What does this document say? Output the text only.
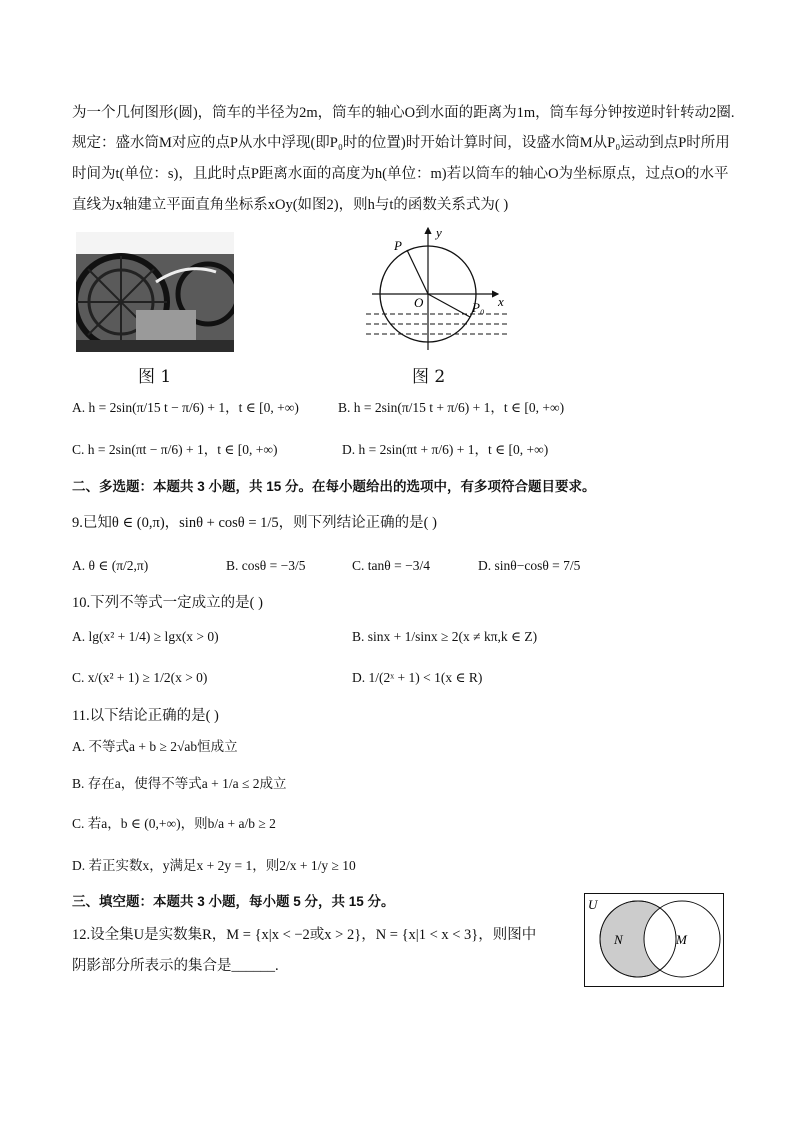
为一个几何图形(圆)，筒车的半径为2m，筒车的轴心O到水面的距离为1m，筒车每分钟按逆时针转动2圈.
规定：盛水筒M对应的点P从水中浮现(即P₀时的位置)时开始计算时间，设盛水筒M从P₀运动到点P时所用
时间为t(单位：s)，且此时点P距离水面的高度为h(单位：m)若以筒车的轴心O为坐标原点，过点O的水平
直线为x轴建立平面直角坐标系xOy(如图2)，则h与t的函数关系式为( )
图 1
P
O	P₀ x
y
图 2
A. h = 2sin(π/15 t − π/6) + 1，t ∈ [0, +∞)	B. h = 2sin(π/15 t + π/6) + 1，t ∈ [0, +∞)
C. h = 2sin(πt − π/6) + 1，t ∈ [0, +∞)	D. h = 2sin(πt + π/6) + 1，t ∈ [0, +∞)
二、多选题：本题共 3 小题，共 15 分。在每小题给出的选项中，有多项符合题目要求。
9.已知θ ∈ (0,π)，sinθ + cosθ = 1/5，则下列结论正确的是( )
A. θ ∈ (π/2,π)	B. cosθ = −3/5	C. tanθ = −3/4	D. sinθ−cosθ = 7/5
10.下列不等式一定成立的是( )
A. lg(x² + 1/4) ≥ lgx(x > 0)	B. sinx + 1/sinx ≥ 2(x ≠ kπ,k ∈ Z)
C. x/(x² + 1) ≥ 1/2(x > 0)	D. 1/(2ˣ + 1) < 1(x ∈ R)
11.以下结论正确的是( )
A. 不等式a + b ≥ 2√ab恒成立
B. 存在a，使得不等式a + 1/a ≤ 2成立
C. 若a，b ∈ (0,+∞)，则b/a + a/b ≥ 2
D. 若正实数x，y满足x + 2y = 1，则2/x + 1/y ≥ 10
三、填空题：本题共 3 小题，每小题 5 分，共 15 分。
12.设全集U是实数集R，M = {x|x < −2或x > 2}，N = {x|1 < x < 3}，则图中
阴影部分所表示的集合是______.
U
N	M
